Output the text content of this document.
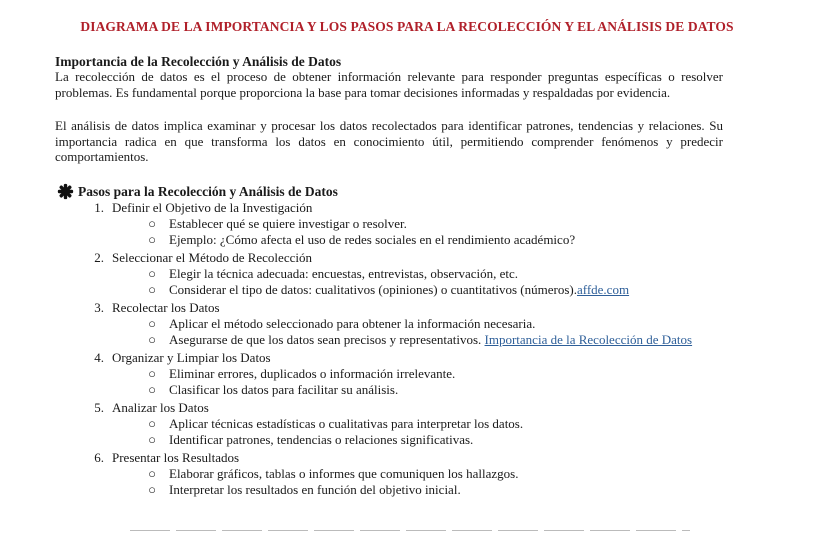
DIAGRAMA DE LA IMPORTANCIA Y LOS PASOS PARA LA RECOLECCIÓN Y EL ANÁLISIS DE DATOS
Importancia de la Recolección y Análisis de Datos
La recolección de datos es el proceso de obtener información relevante para responder preguntas específicas o resolver problemas. Es fundamental porque proporciona la base para tomar decisiones informadas y respaldadas por evidencia.
El análisis de datos implica examinar y procesar los datos recolectados para identificar patrones, tendencias y relaciones. Su importancia radica en que transforma los datos en conocimiento útil, permitiendo comprender fenómenos y predecir comportamientos.
Pasos para la Recolección y Análisis de Datos
1. Definir el Objetivo de la Investigación
○ Establecer qué se quiere investigar o resolver.
○ Ejemplo: ¿Cómo afecta el uso de redes sociales en el rendimiento académico?
2. Seleccionar el Método de Recolección
○ Elegir la técnica adecuada: encuestas, entrevistas, observación, etc.
○ Considerar el tipo de datos: cualitativos (opiniones) o cuantitativos (números).affde.com
3. Recolectar los Datos
○ Aplicar el método seleccionado para obtener la información necesaria.
○ Asegurarse de que los datos sean precisos y representativos. Importancia de la Recolección de Datos
4. Organizar y Limpiar los Datos
○ Eliminar errores, duplicados o información irrelevante.
○ Clasificar los datos para facilitar su análisis.
5. Analizar los Datos
○ Aplicar técnicas estadísticas o cualitativas para interpretar los datos.
○ Identificar patrones, tendencias o relaciones significativas.
6. Presentar los Resultados
○ Elaborar gráficos, tablas o informes que comuniquen los hallazgos.
○ Interpretar los resultados en función del objetivo inicial.
